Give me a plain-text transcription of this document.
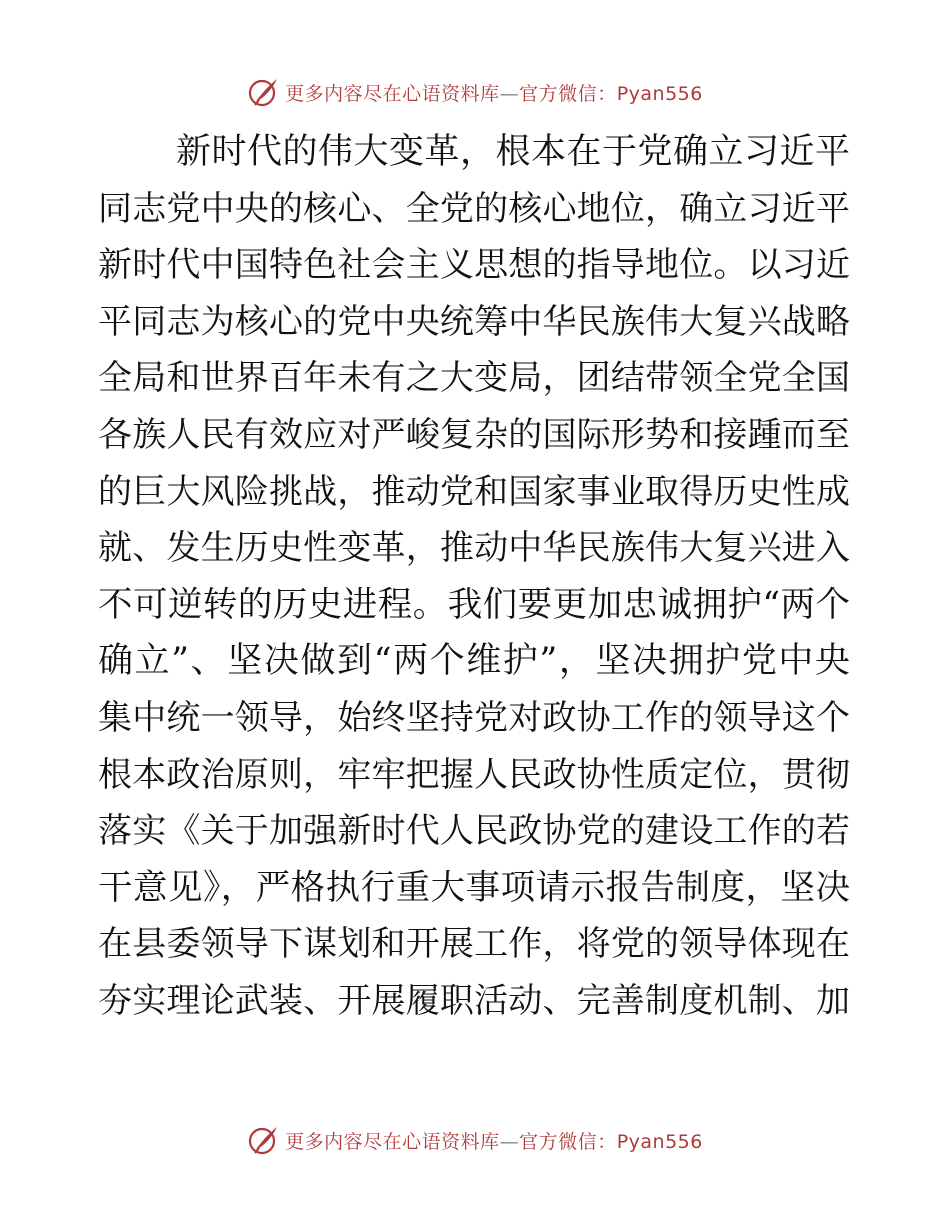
更多内容尽在心语资料库—官方微信：Pyan556
新时代的伟大变革，根本在于党确立习近平
同志党中央的核心、全党的核心地位，确立习近平
新时代中国特色社会主义思想的指导地位。以习近
平同志为核心的党中央统筹中华民族伟大复兴战略
全局和世界百年未有之大变局，团结带领全党全国
各族人民有效应对严峻复杂的国际形势和接踵而至
的巨大风险挑战，推动党和国家事业取得历史性成
就、发生历史性变革，推动中华民族伟大复兴进入
不可逆转的历史进程。我们要更加忠诚拥护“两个
确立”、坚决做到“两个维护”，坚决拥护党中央
集中统一领导，始终坚持党对政协工作的领导这个
根本政治原则，牢牢把握人民政协性质定位，贯彻
落实《关于加强新时代人民政协党的建设工作的若
干意见》，严格执行重大事项请示报告制度，坚决
在县委领导下谋划和开展工作，将党的领导体现在
夯实理论武装、开展履职活动、完善制度机制、加
更多内容尽在心语资料库—官方微信：Pyan556
